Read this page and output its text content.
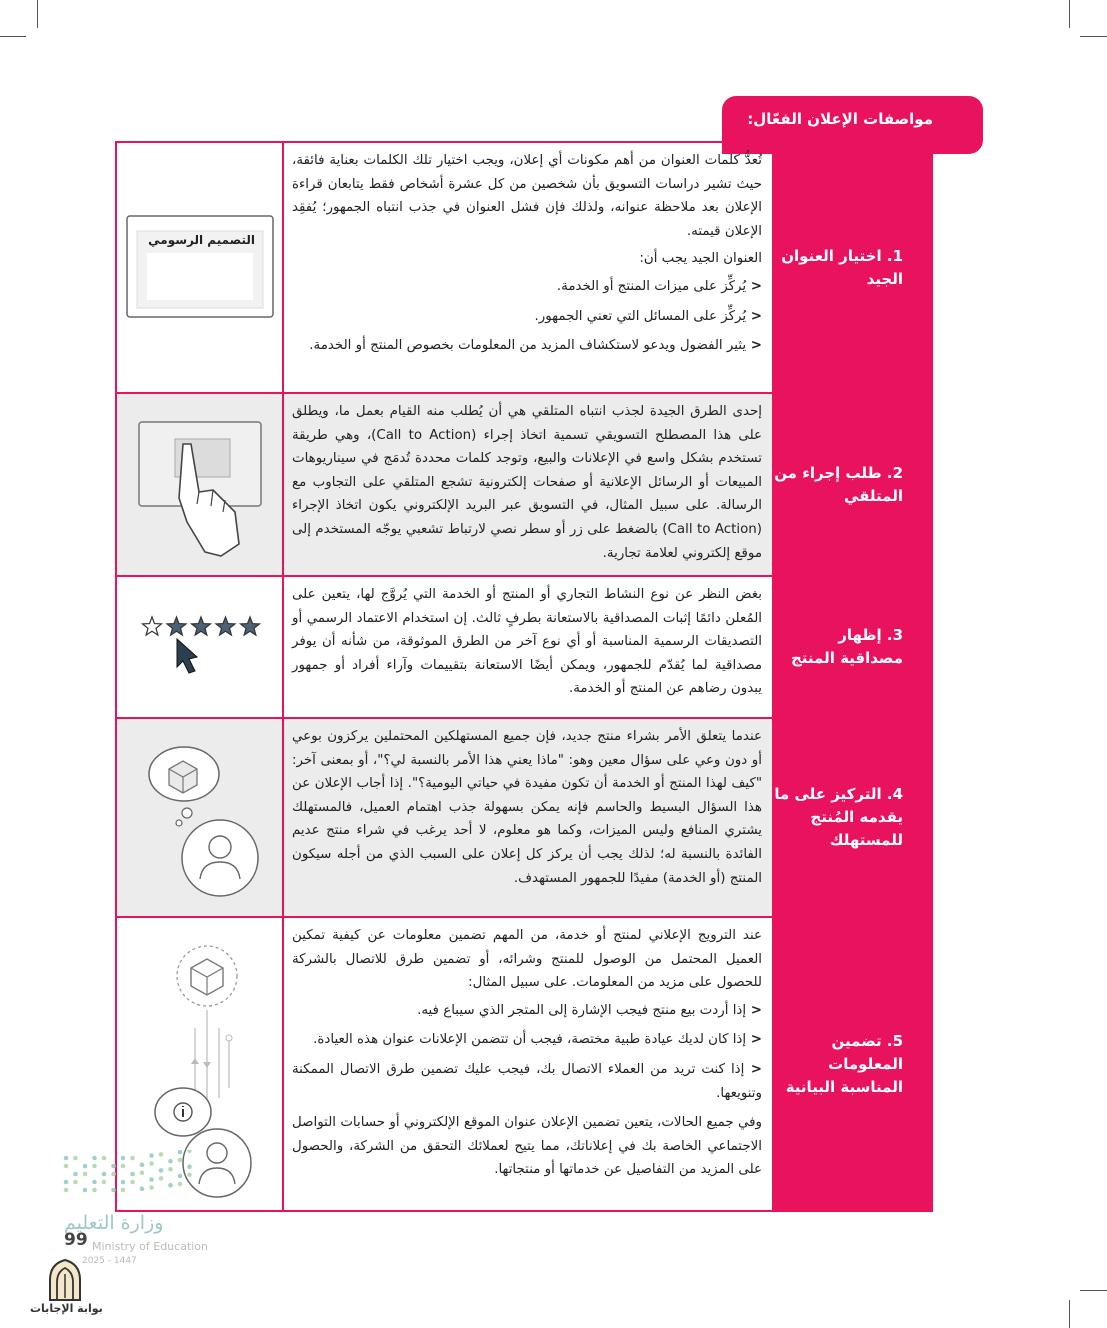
مواصفات الإعلان الفعّال:
1. اختيار العنوان الجيد

تُعدُّ كلمات العنوان من أهم مكونات أي إعلان، ويجب اختيار تلك الكلمات بعناية فائقة، حيث تشير دراسات التسويق بأن شخصين من كل عشرة أشخاص فقط يتابعان قراءة الإعلان بعد ملاحظة عنوانه، ولذلك فإن فشل العنوان في جذب انتباه الجمهور؛ يُفقِد الإعلان قيمته.

العنوان الجيد يجب أن:

< يُركِّز على ميزات المنتج أو الخدمة.

< يُركِّز على المسائل التي تعني الجمهور.

< يثير الفضول ويدعو لاستكشاف المزيد من المعلومات بخصوص المنتج أو الخدمة.

التصميم الرسومي
2. طلب إجراء من المتلقي

إحدى الطرق الجيدة لجذب انتباه المتلقي هي أن يُطلب منه القيام بعمل ما، ويطلق على هذا المصطلح التسويقي تسمية اتخاذ إجراء (Call to Action)، وهي طريقة تستخدم بشكل واسع في الإعلانات والبيع، وتوجد كلمات محددة تُدمَج في سيناريوهات المبيعات أو الرسائل الإعلانية أو صفحات إلكترونية تشجع المتلقي على التجاوب مع الرسالة. على سبيل المثال، في التسويق عبر البريد الإلكتروني يكون اتخاذ الإجراء (Call to Action) بالضغط على زر أو سطر نصي لارتباط تشعبي يوجّه المستخدم إلى موقع إلكتروني لعلامة تجارية.

3. إظهار مصداقية المنتج

بغض النظر عن نوع النشاط التجاري أو المنتج أو الخدمة التي يُروَّج لها، يتعين على المُعلن دائمًا إثبات المصداقية بالاستعانة بطرفٍ ثالث. إن استخدام الاعتماد الرسمي أو التصديقات الرسمية المناسبة أو أي نوع آخر من الطرق الموثوقة، من شأنه أن يوفر مصداقية لما يُقدّم للجمهور، ويمكن أيضًا الاستعانة بتقييمات وآراء أفراد أو جمهور يبدون رضاهم عن المنتج أو الخدمة.

4. التركيز على ما يقدمه المُنتج للمستهلك

عندما يتعلق الأمر بشراء منتج جديد، فإن جميع المستهلكين المحتملين يركزون بوعي أو دون وعي على سؤال معين وهو: "ماذا يعني هذا الأمر بالنسبة لي؟"، أو بمعنى آخر: "كيف لهذا المنتج أو الخدمة أن تكون مفيدة في حياتي اليومية؟". إذا أجاب الإعلان عن هذا السؤال البسيط والحاسم فإنه يمكن بسهولة جذب اهتمام العميل، فالمستهلك يشتري المنافع وليس الميزات، وكما هو معلوم، لا أحد يرغب في شراء منتج عديم الفائدة بالنسبة له؛ لذلك يجب أن يركز كل إعلان على السبب الذي من أجله سيكون المنتج (أو الخدمة) مفيدًا للجمهور المستهدف.

5. تضمين المعلومات المناسبة البيانية

عند الترويج الإعلاني لمنتج أو خدمة، من المهم تضمين معلومات عن كيفية تمكين العميل المحتمل من الوصول للمنتج وشرائه، أو تضمين طرق للاتصال بالشركة للحصول على مزيد من المعلومات. على سبيل المثال:

< إذا أردت بيع منتج فيجب الإشارة إلى المتجر الذي سيباع فيه.

< إذا كان لديك عيادة طبية مختصة، فيجب أن تتضمن الإعلانات عنوان هذه العيادة.

< إذا كنت تريد من العملاء الاتصال بك، فيجب عليك تضمين طرق الاتصال الممكنة وتنويعها.

وفي جميع الحالات، يتعين تضمين الإعلان عنوان الموقع الإلكتروني أو حسابات التواصل الاجتماعي الخاصة بك في إعلاناتك، مما يتيح لعملائك التحقق من الشركة، والحصول على المزيد من التفاصيل عن خدماتها أو منتجاتها.

وزارة التعليم
99 Ministry of Education
2025 - 1447
بوابة الإجابات
